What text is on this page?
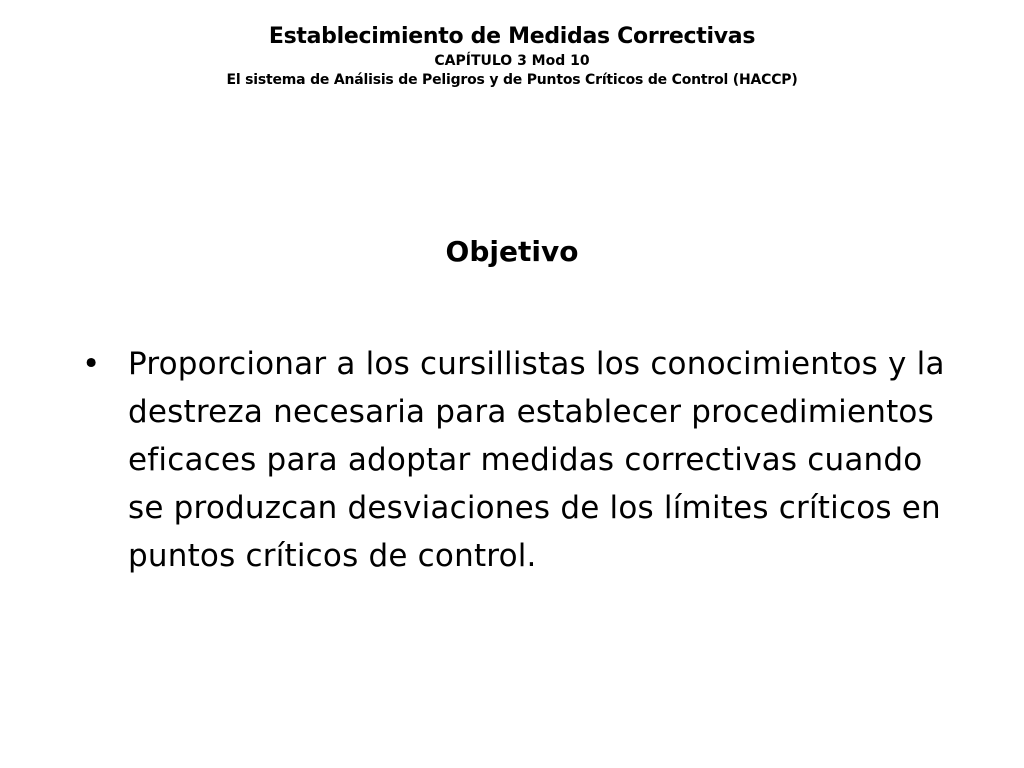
Establecimiento de Medidas Correctivas
CAPÍTULO 3 Mod 10
El sistema de Análisis de Peligros y de Puntos Críticos de Control (HACCP)
Objetivo
• Proporcionar a los cursillistas los conocimientos y la destreza necesaria para establecer procedimientos eficaces para adoptar medidas correctivas cuando se produzcan desviaciones de los límites críticos en puntos críticos de control.
